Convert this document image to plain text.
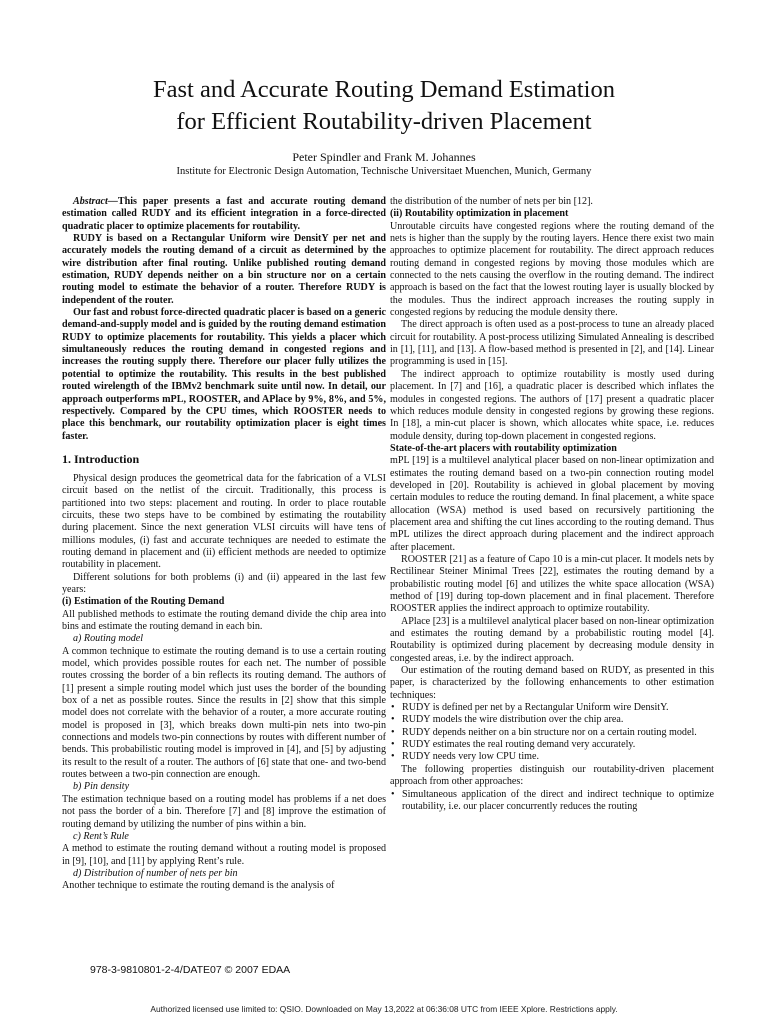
Fast and Accurate Routing Demand Estimation
for Efficient Routability-driven Placement
Peter Spindler and Frank M. Johannes
Institute for Electronic Design Automation, Technische Universitaet Muenchen, Munich, Germany

Abstract—This paper presents a fast and accurate routing demand estimation called RUDY and its efficient integration in a force-directed quadratic placer to optimize placements for routability.

RUDY is based on a Rectangular Uniform wire DensitY per net and accurately models the routing demand of a circuit as determined by the wire distribution after final routing. Unlike published routing demand estimation, RUDY depends neither on a bin structure nor on a certain routing model to estimate the behavior of a router. Therefore RUDY is independent of the router.

Our fast and robust force-directed quadratic placer is based on a generic demand-and-supply model and is guided by the routing demand estimation RUDY to optimize placements for routability. This yields a placer which simultaneously reduces the routing demand in congested regions and increases the routing supply there. Therefore our placer fully utilizes the potential to optimize the routability. This results in the best published routed wirelength of the IBMv2 benchmark suite until now. In detail, our approach outperforms mPL, ROOSTER, and APlace by 9%, 8%, and 5%, respectively. Compared by the CPU times, which ROOSTER needs to place this benchmark, our routability optimization placer is eight times faster.

1. Introduction

Physical design produces the geometrical data for the fabrication of a VLSI circuit based on the netlist of the circuit. Traditionally, this process is partitioned into two steps: placement and routing. In order to place routable circuits, these two steps have to be combined by estimating the routability during placement. Since the next generation VLSI circuits will have tens of millions modules, (i) fast and accurate techniques are needed to estimate the routing demand in placement and (ii) efficient methods are needed to optimize routability in placement.

Different solutions for both problems (i) and (ii) appeared in the last few years:

(i) Estimation of the Routing Demand

All published methods to estimate the routing demand divide the chip area into bins and estimate the routing demand in each bin.

a) Routing model

A common technique to estimate the routing demand is to use a certain routing model, which provides possible routes for each net. The number of possible routes crossing the border of a bin reflects its routing demand. The authors of [1] present a simple routing model which just uses the border of the bounding box of a net as possible routes. Since the results in [2] show that this simple model does not correlate with the behavior of a router, a more accurate routing model is proposed in [3], which breaks down multi-pin nets into two-pin connections and models two-pin connections by routes with different number of bends. This probabilistic routing model is improved in [4], and [5] by adjusting its result to the result of a router. The authors of [6] state that one- and two-bend routes between a two-pin connection are enough.

b) Pin density

The estimation technique based on a routing model has problems if a net does not pass the border of a bin. Therefore [7] and [8] improve the estimation of routing demand by utilizing the number of pins within a bin.

c) Rent’s Rule

A method to estimate the routing demand without a routing model is proposed in [9], [10], and [11] by applying Rent’s rule.

d) Distribution of number of nets per bin

Another technique to estimate the routing demand is the analysis of

the distribution of the number of nets per bin [12].

(ii) Routability optimization in placement

Unroutable circuits have congested regions where the routing demand of the nets is higher than the supply by the routing layers. Hence there exist two main approaches to optimize placement for routability. The direct approach reduces routing demand in congested regions by moving those modules which are connected to the nets causing the overflow in the routing demand. The indirect approach is based on the fact that the lowest routing layer is usually blocked by the modules. Thus the indirect approach increases the routing supply in congested regions by reducing the module density there.

The direct approach is often used as a post-process to tune an already placed circuit for routability. A post-process utilizing Simulated Annealing is described in [1], [11], and [13]. A flow-based method is presented in [2], and [14]. Linear programming is used in [15].

The indirect approach to optimize routability is mostly used during placement. In [7] and [16], a quadratic placer is described which inflates the modules in congested regions. The authors of [17] present a quadratic placer which reduces module density in congested regions by growing these regions. In [18], a min-cut placer is shown, which allocates white space, i.e. reduces module density, during top-down placement in congested regions.

State-of-the-art placers with routability optimization

mPL [19] is a multilevel analytical placer based on non-linear optimization and estimates the routing demand based on a two-pin connection routing model developed in [20]. Routability is achieved in global placement by moving certain modules to reduce the routing demand. In final placement, a white space allocation (WSA) method is used based on recursively partitioning the placement area and shifting the cut lines according to the routing demand. Thus mPL utilizes the direct approach during placement and the indirect approach after placement.

ROOSTER [21] as a feature of Capo 10 is a min-cut placer. It models nets by Rectilinear Steiner Minimal Trees [22], estimates the routing demand by a probabilistic routing model [6] and utilizes the white space allocation (WSA) method of [19] during top-down placement and in final placement. Therefore ROOSTER applies the indirect approach to optimize routability.

APlace [23] is a multilevel analytical placer based on non-linear optimization and estimates the routing demand by a probabilistic routing model [4]. Routability is optimized during placement by decreasing module density in congested areas, i.e. by the indirect approach.

Our estimation of the routing demand based on RUDY, as presented in this paper, is characterized by the following enhancements to other estimation techniques:

• RUDY is defined per net by a Rectangular Uniform wire DensitY.
• RUDY models the wire distribution over the chip area.
• RUDY depends neither on a bin structure nor on a certain routing model.
• RUDY estimates the real routing demand very accurately.
• RUDY needs very low CPU time.

The following properties distinguish our routability-driven placement approach from other approaches:

• Simultaneous application of the direct and indirect technique to optimize routability, i.e. our placer concurrently reduces the routing
978-3-9810801-2-4/DATE07 © 2007 EDAA
Authorized licensed use limited to: QSIO. Downloaded on May 13,2022 at 06:36:08 UTC from IEEE Xplore. Restrictions apply.
